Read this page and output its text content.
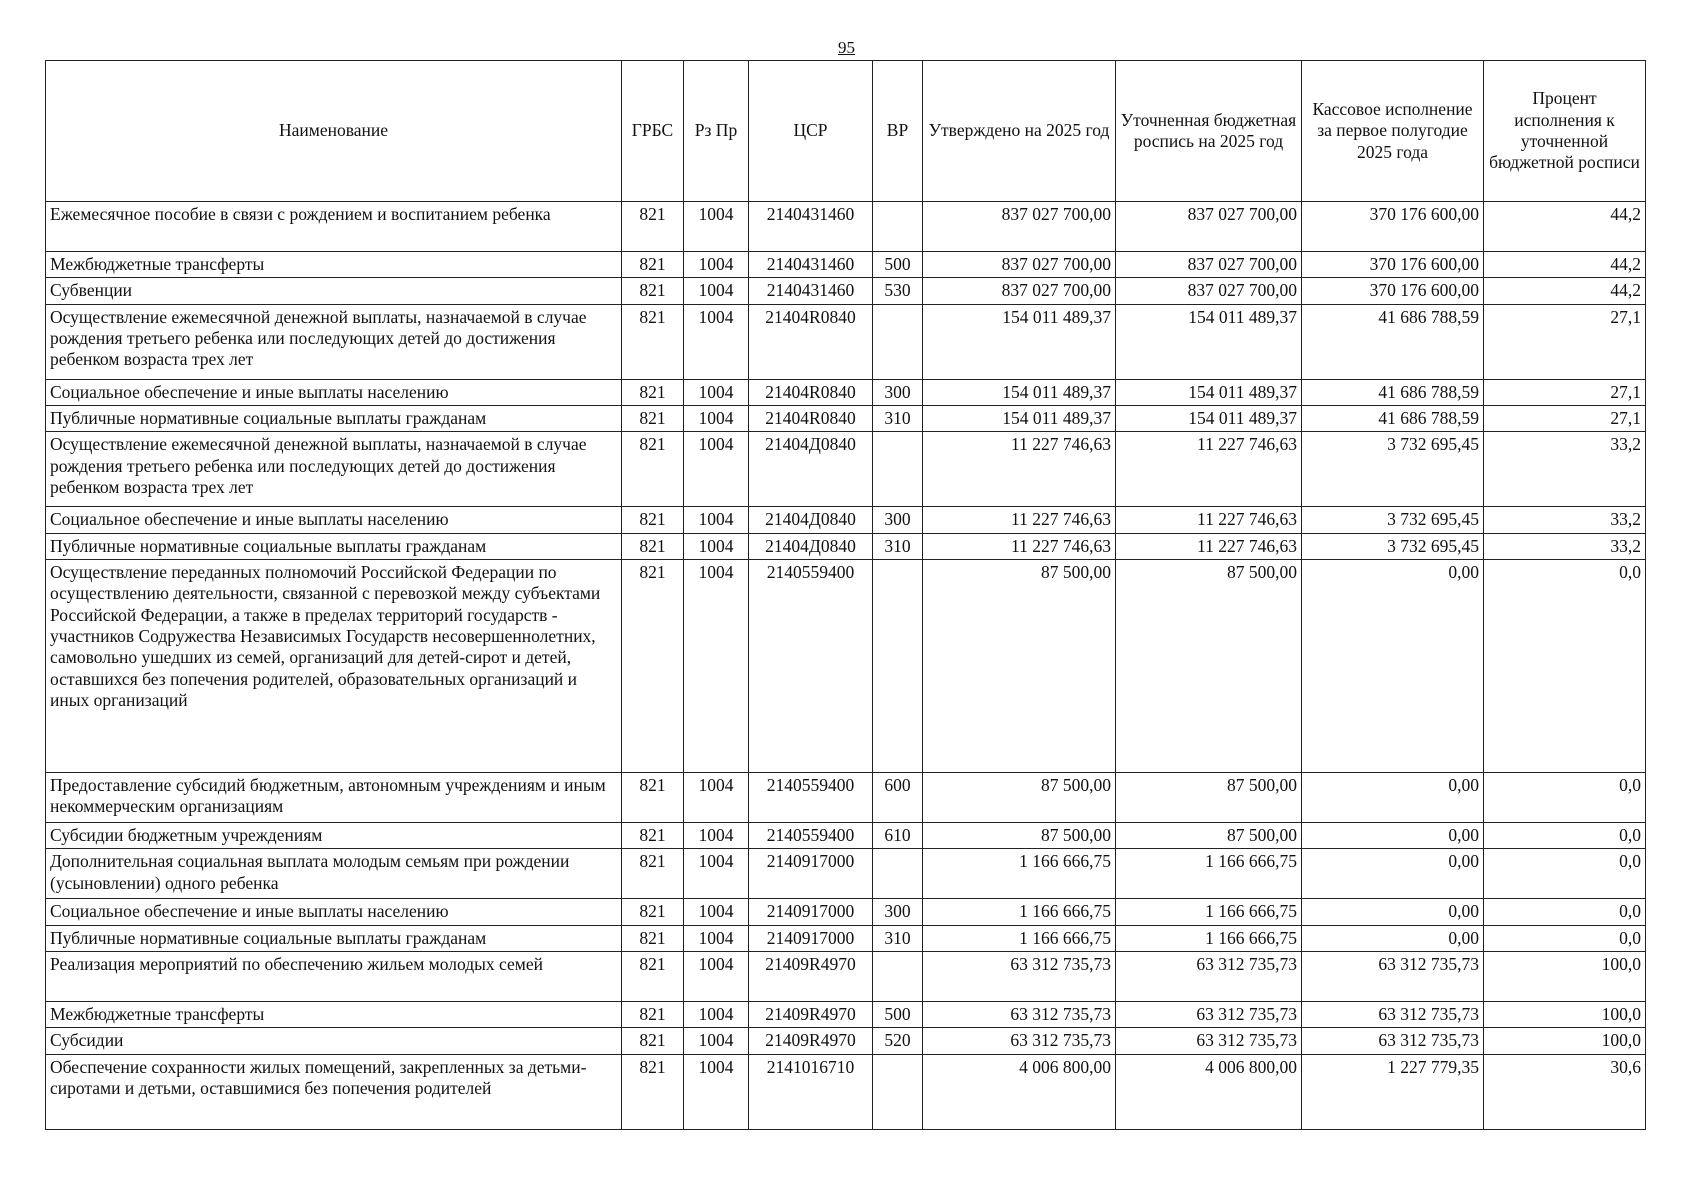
95
Наименование	ГРБС	Рз Пр	ЦСР	ВР	Утверждено на 2025 год	Уточненная бюджетная роспись на 2025 год	Кассовое исполнение за первое полугодие 2025 года	Процент исполнения к уточненной бюджетной росписи
Ежемесячное пособие в связи с рождением и воспитанием ребенка	821	1004	2140431460		837 027 700,00	837 027 700,00	370 176 600,00	44,2
Межбюджетные трансферты	821	1004	2140431460	500	837 027 700,00	837 027 700,00	370 176 600,00	44,2
Субвенции	821	1004	2140431460	530	837 027 700,00	837 027 700,00	370 176 600,00	44,2
Осуществление ежемесячной денежной выплаты, назначаемой в случае рождения третьего ребенка или последующих детей до достижения ребенком возраста трех лет	821	1004	21404R0840		154 011 489,37	154 011 489,37	41 686 788,59	27,1
Социальное обеспечение и иные выплаты населению	821	1004	21404R0840	300	154 011 489,37	154 011 489,37	41 686 788,59	27,1
Публичные нормативные социальные выплаты гражданам	821	1004	21404R0840	310	154 011 489,37	154 011 489,37	41 686 788,59	27,1
Осуществление ежемесячной денежной выплаты, назначаемой в случае рождения третьего ребенка или последующих детей до достижения ребенком возраста трех лет	821	1004	21404Д0840		11 227 746,63	11 227 746,63	3 732 695,45	33,2
Социальное обеспечение и иные выплаты населению	821	1004	21404Д0840	300	11 227 746,63	11 227 746,63	3 732 695,45	33,2
Публичные нормативные социальные выплаты гражданам	821	1004	21404Д0840	310	11 227 746,63	11 227 746,63	3 732 695,45	33,2
Осуществление переданных полномочий Российской Федерации по осуществлению деятельности, связанной с перевозкой между субъектами Российской Федерации, а также в пределах территорий государств - участников Содружества Независимых Государств несовершеннолетних, самовольно ушедших из семей, организаций для детей-сирот и детей, оставшихся без попечения родителей, образовательных организаций и иных организаций	821	1004	2140559400		87 500,00	87 500,00	0,00	0,0
Предоставление субсидий бюджетным, автономным учреждениям и иным некоммерческим организациям	821	1004	2140559400	600	87 500,00	87 500,00	0,00	0,0
Субсидии бюджетным учреждениям	821	1004	2140559400	610	87 500,00	87 500,00	0,00	0,0
Дополнительная социальная выплата молодым семьям при рождении (усыновлении) одного ребенка	821	1004	2140917000		1 166 666,75	1 166 666,75	0,00	0,0
Социальное обеспечение и иные выплаты населению	821	1004	2140917000	300	1 166 666,75	1 166 666,75	0,00	0,0
Публичные нормативные социальные выплаты гражданам	821	1004	2140917000	310	1 166 666,75	1 166 666,75	0,00	0,0
Реализация мероприятий по обеспечению жильем молодых семей	821	1004	21409R4970		63 312 735,73	63 312 735,73	63 312 735,73	100,0
Межбюджетные трансферты	821	1004	21409R4970	500	63 312 735,73	63 312 735,73	63 312 735,73	100,0
Субсидии	821	1004	21409R4970	520	63 312 735,73	63 312 735,73	63 312 735,73	100,0
Обеспечение сохранности жилых помещений, закрепленных за детьми-сиротами и детьми, оставшимися без попечения родителей	821	1004	2141016710		4 006 800,00	4 006 800,00	1 227 779,35	30,6
